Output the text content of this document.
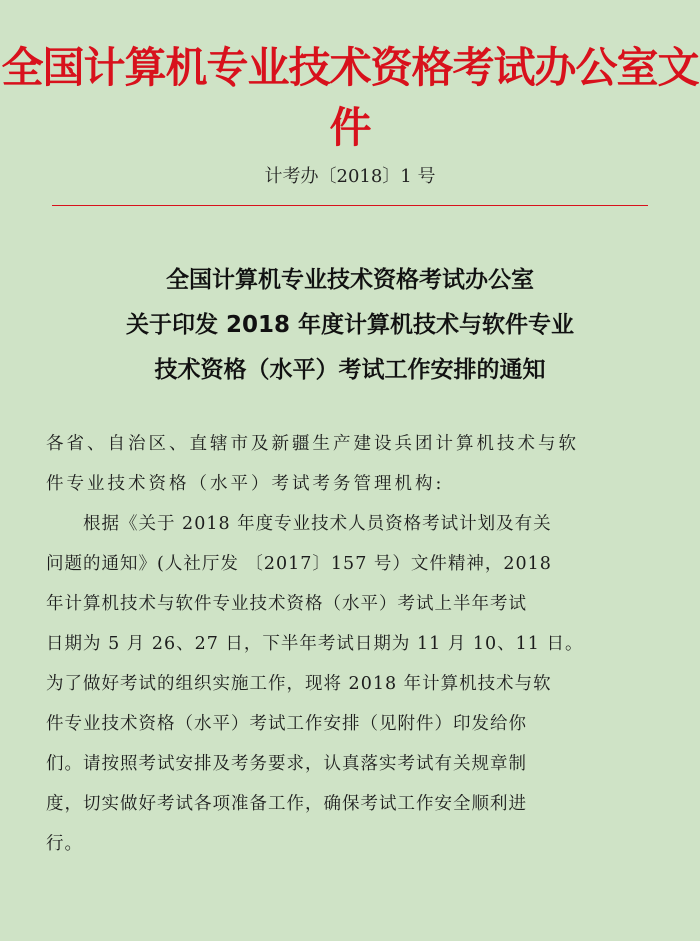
全国计算机专业技术资格考试办公室文件
计考办〔2018〕1 号
全国计算机专业技术资格考试办公室
关于印发 2018 年度计算机技术与软件专业
技术资格（水平）考试工作安排的通知

各省、自治区、直辖市及新疆生产建设兵团计算机技术与软

件专业技术资格（水平）考试考务管理机构:

　　根据《关于 2018 年度专业技术人员资格考试计划及有关

问题的通知》(人社厅发 〔2017〕157 号）文件精神，2018

年计算机技术与软件专业技术资格（水平）考试上半年考试

日期为 5 月 26、27 日，下半年考试日期为 11 月 10、11 日。

为了做好考试的组织实施工作，现将 2018 年计算机技术与软

件专业技术资格（水平）考试工作安排（见附件）印发给你

们。请按照考试安排及考务要求，认真落实考试有关规章制

度，切实做好考试各项准备工作，确保考试工作安全顺利进

行。
